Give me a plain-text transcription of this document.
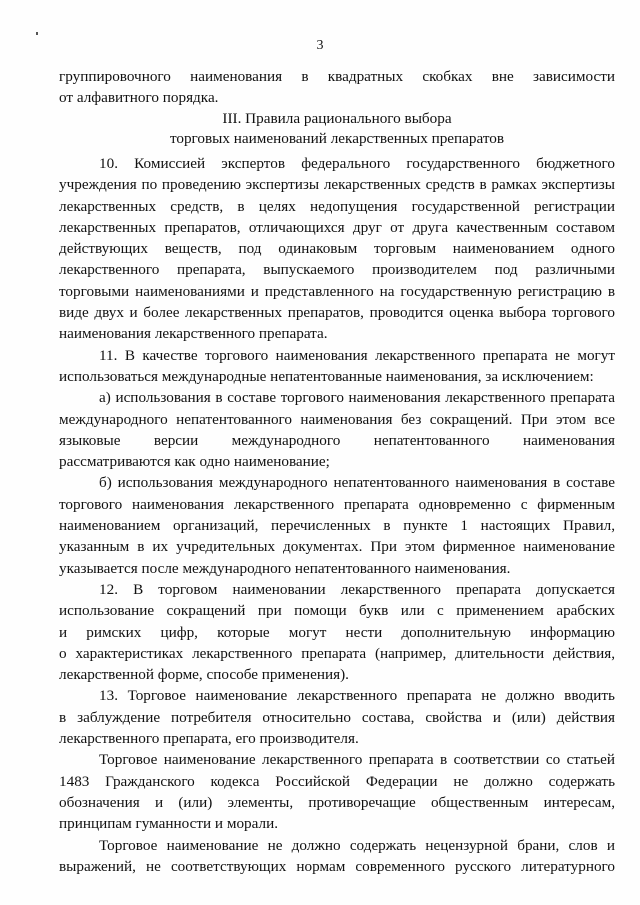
3

группировочного наименования в квадратных скобках вне зависимости

от алфавитного порядка.

III. Правила рационального выбора
торговых наименований лекарственных препаратов

10. Комиссией экспертов федерального государственного бюджетного

учреждения по проведению экспертизы лекарственных средств в рамках экспертизы

лекарственных средств, в целях недопущения государственной регистрации

лекарственных препаратов, отличающихся друг от друга качественным составом

действующих веществ, под одинаковым торговым наименованием одного

лекарственного препарата, выпускаемого производителем под различными

торговыми наименованиями и представленного на государственную регистрацию в

виде двух и более лекарственных препаратов, проводится оценка выбора торгового

наименования лекарственного препарата.

11. В качестве торгового наименования лекарственного препарата не могут

использоваться международные непатентованные наименования, за исключением:

а) использования в составе торгового наименования лекарственного препарата

международного непатентованного наименования без сокращений. При этом все

языковые версии международного непатентованного наименования

рассматриваются как одно наименование;

б) использования международного непатентованного наименования в составе

торгового наименования лекарственного препарата одновременно с фирменным

наименованием организаций, перечисленных в пункте 1 настоящих Правил,

указанным в их учредительных документах. При этом фирменное наименование

указывается после международного непатентованного наименования.

12. В торговом наименовании лекарственного препарата допускается

использование сокращений при помощи букв или с применением арабских

и римских цифр, которые могут нести дополнительную информацию

о характеристиках лекарственного препарата (например, длительности действия,

лекарственной форме, способе применения).

13. Торговое наименование лекарственного препарата не должно вводить

в заблуждение потребителя относительно состава, свойства и (или) действия

лекарственного препарата, его производителя.

Торговое наименование лекарственного препарата в соответствии со статьей

1483 Гражданского кодекса Российской Федерации не должно содержать

обозначения и (или) элементы, противоречащие общественным интересам,

принципам гуманности и морали.

Торговое наименование не должно содержать нецензурной брани, слов и

выражений, не соответствующих нормам современного русского литературного
